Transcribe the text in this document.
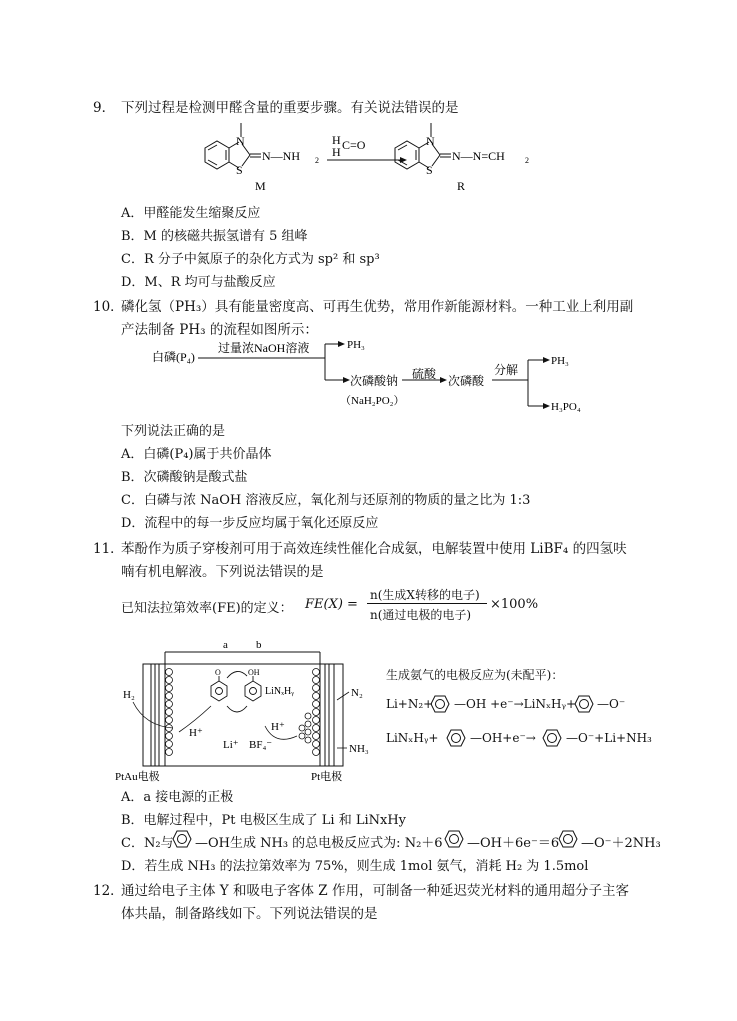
9． 下列过程是检测甲醛含量的重要步骤。有关说法错误的是
N
S
N—NH 2
M
H C=O
H
N
S
N—N=CH	2
R
A．甲醛能发生缩聚反应
B．M 的核磁共振氢谱有 5 组峰
C．R 分子中氮原子的杂化方式为 sp² 和 sp³
D．M、R 均可与盐酸反应
10．
磷化氢（PH₃）具有能量密度高、可再生优势，常用作新能源材料。一种工业上利用副
产法制备 PH₃ 的流程如图所示：
白磷(P₄)
过量浓NaOH溶液	PH₃
次磷酸钠
（NaH₂PO₂）
硫酸 次磷酸
分解
PH₃
H₃PO₄
下列说法正确的是
A．白磷(P₄)属于共价晶体
B．次磷酸钠是酸式盐
C．白磷与浓 NaOH 溶液反应，氧化剂与还原剂的物质的量之比为 1:3
D．流程中的每一步反应均属于氧化还原反应
11．
苯酚作为质子穿梭剂可用于高效连续性催化合成氨，电解装置中使用 LiBF₄ 的四氢呋
喃有机电解液。下列说法错误的是
已知法拉第效率(FE)的定义： FE(X) =
n(生成X转移的电子)
n(通过电极的电子)
×100%
a	b
O	OH
H₂
H⁺
LiNₓHᵧ
H⁺
Li⁺ BF₄⁻
N₂
NH₃
PtAu电极	Pt电极
生成氨气的电极反应为(未配平)：
Li+N₂+ —OH +e⁻→LiNₓHᵧ+ —O⁻
LiNₓHᵧ+	—OH+e⁻→	—O⁻+Li+NH₃
A．a 接电源的正极
B．电解过程中，Pt 电极区生成了 Li 和 LiNxHy
C．N₂与 —OH生成 NH₃ 的总电极反应式为: N₂＋6 —OH＋6e⁻＝6 —O⁻＋2NH₃
D．若生成 NH₃ 的法拉第效率为 75%，则生成 1mol 氨气，消耗 H₂ 为 1.5mol
12．
通过给电子主体 Y 和吸电子客体 Z 作用，可制备一种延迟荧光材料的通用超分子主客
体共晶，制备路线如下。下列说法错误的是
